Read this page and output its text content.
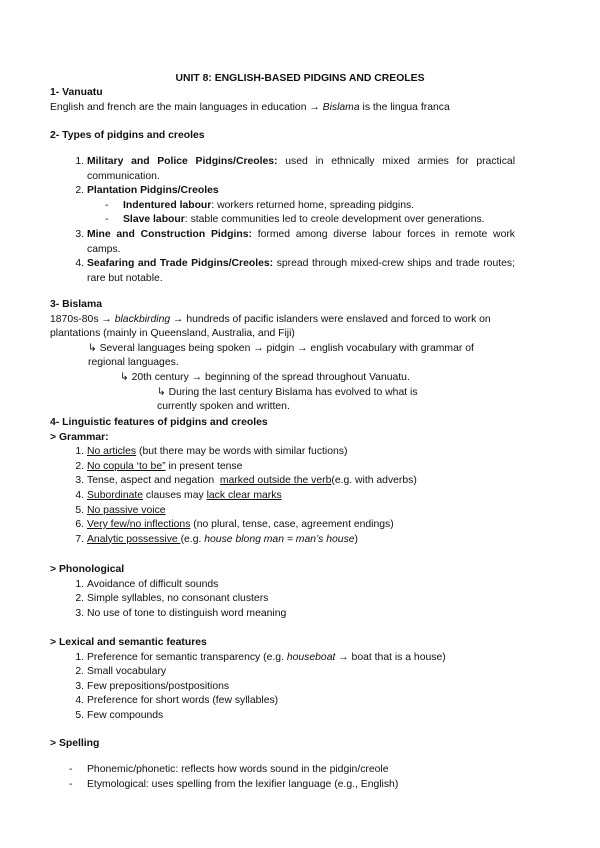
UNIT 8: ENGLISH-BASED PIDGINS AND CREOLES
1- Vanuatu
English and french are the main languages in education → Bislama is the lingua franca
2- Types of pidgins and creoles
1. Military and Police Pidgins/Creoles: used in ethnically mixed armies for practical communication.
2. Plantation Pidgins/Creoles
- Indentured labour: workers returned home, spreading pidgins.
- Slave labour: stable communities led to creole development over generations.
3. Mine and Construction Pidgins: formed among diverse labour forces in remote work camps.
4. Seafaring and Trade Pidgins/Creoles: spread through mixed-crew ships and trade routes; rare but notable.
3- Bislama
1870s-80s → blackbirding → hundreds of pacific islanders were enslaved and forced to work on plantations (mainly in Queensland, Australia, and Fiji)
↳ Several languages being spoken → pidgin → english vocabulary with grammar of regional languages.
↳ 20th century → beginning of the spread throughout Vanuatu.
↳ During the last century Bislama has evolved to what is currently spoken and written.
4- Linguistic features of pidgins and creoles
> Grammar:
1. No articles (but there may be words with similar fuctions)
2. No copula ‘to be” in present tense
3. Tense, aspect and negation  marked outside the verb(e.g. with adverbs)
4. Subordinate clauses may lack clear marks
5. No passive voice
6. Very few/no inflections (no plural, tense, case, agreement endings)
7. Analytic possessive (e.g. house blong man = man’s house)
> Phonological
1. Avoidance of difficult sounds
2. Simple syllables, no consonant clusters
3. No use of tone to distinguish word meaning
> Lexical and semantic features
1. Preference for semantic transparency (e.g. houseboat → boat that is a house)
2. Small vocabulary
3. Few prepositions/postpositions
4. Preference for short words (few syllables)
5. Few compounds
> Spelling
-	Phonemic/phonetic: reflects how words sound in the pidgin/creole
-	Etymological: uses spelling from the lexifier language (e.g., English)
